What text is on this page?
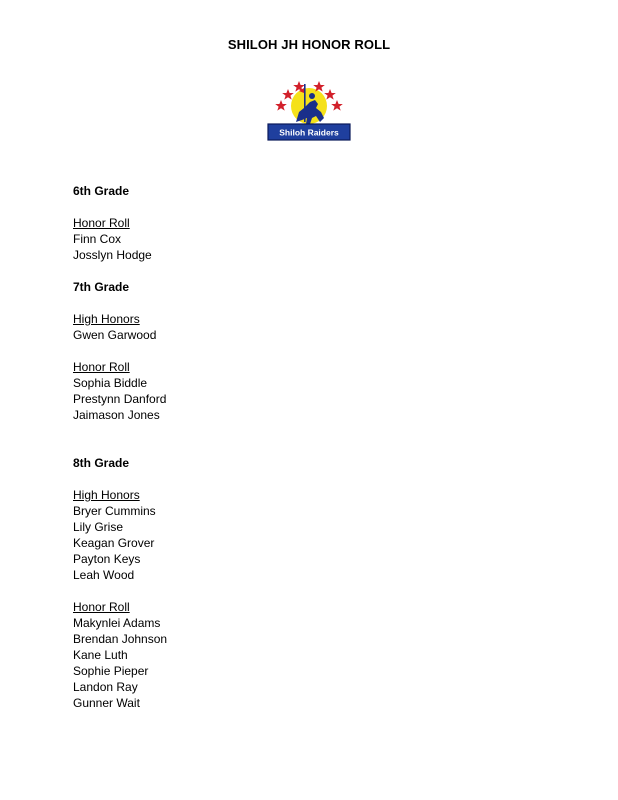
SHILOH JH HONOR ROLL
Shiloh Raiders
6th Grade
Honor Roll
Finn Cox
Josslyn Hodge
7th Grade
High Honors
Gwen Garwood
Honor Roll
Sophia Biddle
Prestynn Danford
Jaimason Jones
8th Grade
High Honors
Bryer Cummins
Lily Grise
Keagan Grover
Payton Keys
Leah Wood
Honor Roll
Makynlei Adams
Brendan Johnson
Kane Luth
Sophie Pieper
Landon Ray
Gunner Wait
